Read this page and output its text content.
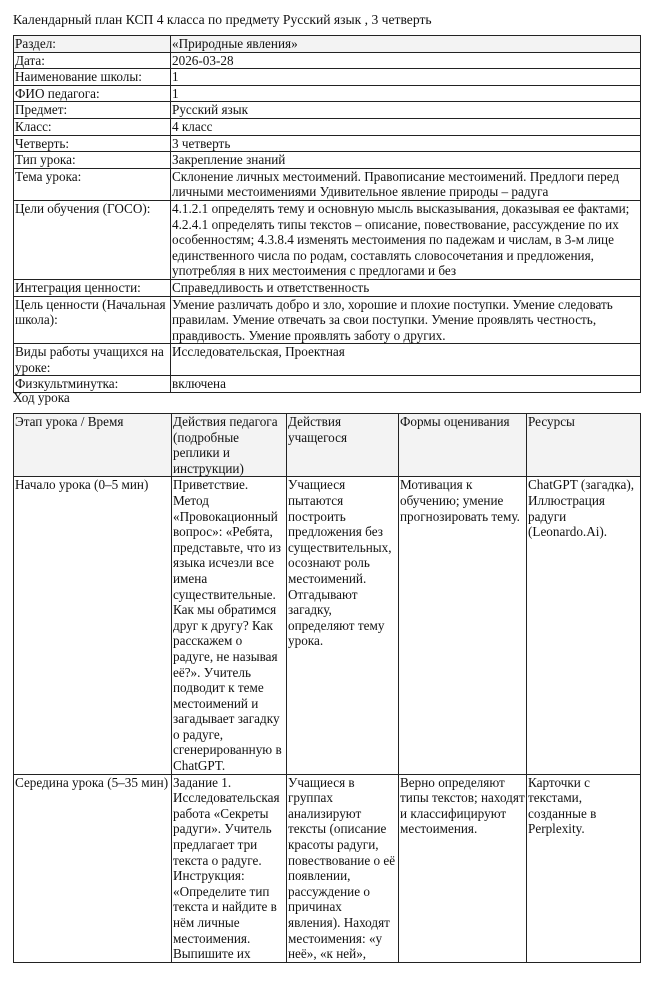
Календарный план КСП 4 класса по предмету Русский язык , 3 четверть
Раздел:	«Природные явления»
Дата:	2026-03-28
Наименование школы:	1
ФИО педагога:	1
Предмет:	Русский язык
Класс:	4 класс
Четверть:	3 четверть
Тип урока:	Закрепление знаний
Тема урока:	Склонение личных местоимений. Правописание местоимений. Предлоги перед личными местоимениями Удивительное явление природы – радуга
Цели обучения (ГОСО):	4.1.2.1 определять тему и основную мысль высказывания, доказывая ее фактами; 4.2.4.1 определять типы текстов – описание, повествование, рассуждение по их особенностям; 4.3.8.4 изменять местоимения по падежам и числам, в 3-м лице единственного числа по родам, составлять словосочетания и предложения, употребляя в них местоимения с предлогами и без
Интеграция ценности:	Справедливость и ответственность
Цель ценности (Начальная школа):	Умение различать добро и зло, хорошие и плохие поступки. Умение следовать правилам. Умение отвечать за свои поступки. Умение проявлять честность, правдивость. Умение проявлять заботу о других.
Виды работы учащихся на уроке:	Исследовательская, Проектная
Физкультминутка:	включена
Ход урока
Этап урока / Время	Действия педагога (подробные реплики и инструкции)	Действия учащегося	Формы оценивания	Ресурсы
Начало урока (0–5 мин)	Приветствие. Метод «Провокационный вопрос»: «Ребята, представьте, что из языка исчезли все имена существительные. Как мы обратимся друг к другу? Как расскажем о радуге, не называя её?». Учитель подводит к теме местоимений и загадывает загадку о радуге, сгенерированную в ChatGPT.	Учащиеся пытаются построить предложения без существительных, осознают роль местоимений. Отгадывают загадку, определяют тему урока.	Мотивация к обучению; умение прогнозировать тему.	ChatGPT (загадка), Иллюстрация радуги (Leonardo.Ai).
Середина урока (5–35 мин)	Задание 1. Исследовательская работа «Секреты радуги». Учитель предлагает три текста о радуге. Инструкция: «Определите тип текста и найдите в нём личные местоимения. Выпишите их	Учащиеся в группах анализируют тексты (описание красоты радуги, повествование о её появлении, рассуждение о причинах явления). Находят местоимения: «у неё», «к ней»,	Верно определяют типы текстов; находят и классифицируют местоимения.	Карточки с текстами, созданные в Perplexity.
